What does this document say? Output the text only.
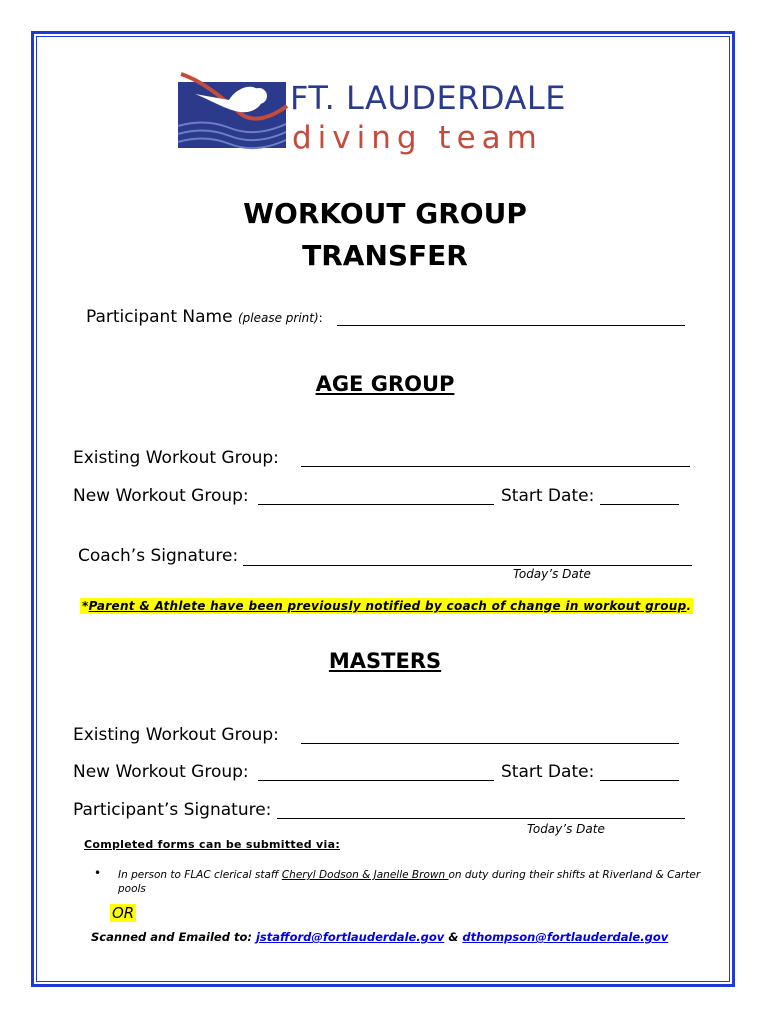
FT. LAUDERDALE
diving team
WORKOUT GROUP
TRANSFER
Participant Name (please print):
AGE GROUP
Existing Workout Group:
New Workout Group:	Start Date:
Coach’s Signature:
Today’s Date
*Parent & Athlete have been previously notified by coach of change in workout group.
MASTERS
Existing Workout Group:
New Workout Group:	Start Date:
Participant’s Signature:
Today’s Date
Completed forms can be submitted via:
• In person to FLAC clerical staff Cheryl Dodson & Janelle Brown on duty during their shifts at Riverland & Carter pools
OR
Scanned and Emailed to: jstafford@fortlauderdale.gov & dthompson@fortlauderdale.gov
